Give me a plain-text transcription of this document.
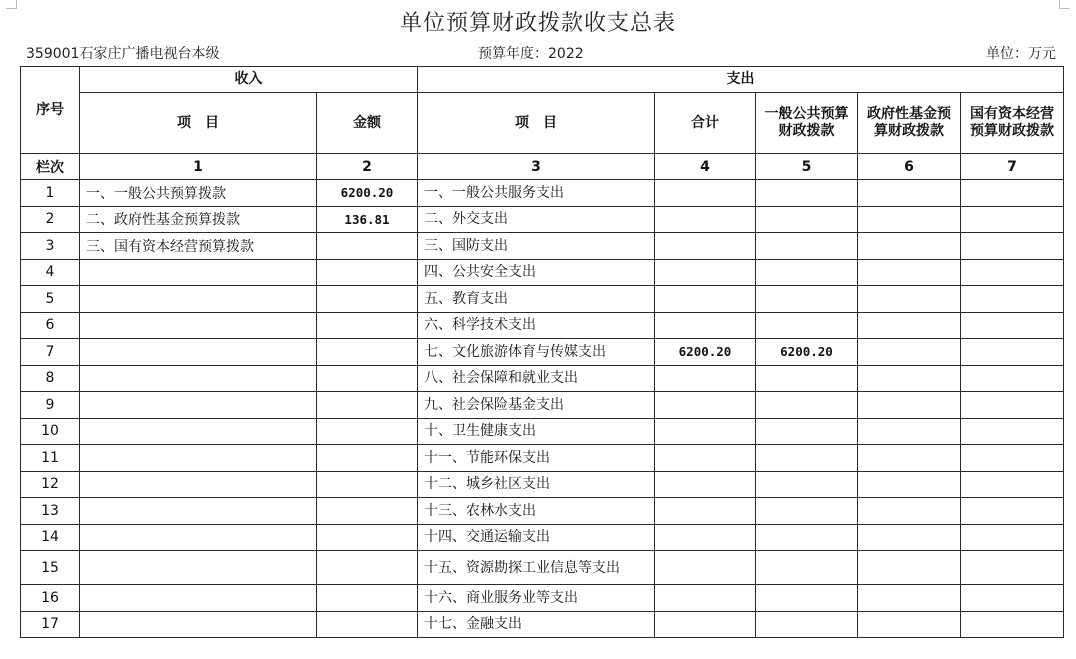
单位预算财政拨款收支总表
359001石家庄广播电视台本级	预算年度：2022	单位：万元
序号	收入		支出				
	项　目	金额	项　目	合计	一般公共预算财政拨款	政府性基金预算财政拨款	国有资本经营预算财政拨款
栏次	1	2	3	4	5	6	7
1	一、一般公共预算拨款	6200.20	一、一般公共服务支出				
2	二、政府性基金预算拨款	136.81	二、外交支出				
3	三、国有资本经营预算拨款		三、国防支出				
4			四、公共安全支出				
5			五、教育支出				
6			六、科学技术支出				
7			七、文化旅游体育与传媒支出	6200.20	6200.20		
8			八、社会保障和就业支出				
9			九、社会保险基金支出				
10			十、卫生健康支出				
11			十一、节能环保支出				
12			十二、城乡社区支出				
13			十三、农林水支出				
14			十四、交通运输支出				
15			十五、资源勘探工业信息等支出				
16			十六、商业服务业等支出				
17			十七、金融支出				
